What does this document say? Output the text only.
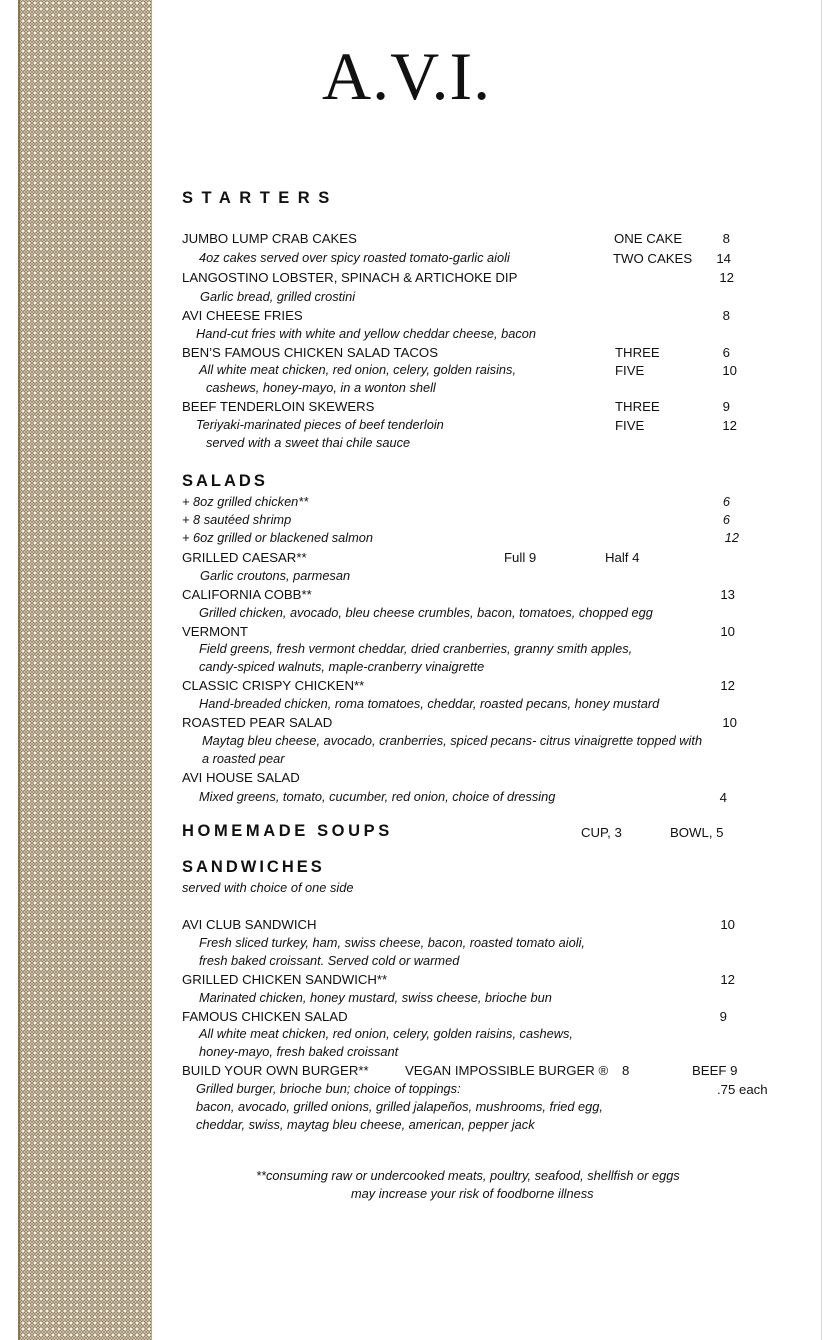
A.V.I.
STARTERS
JUMBO LUMP CRAB CAKES	ONE CAKE	8
4oz cakes served over spicy roasted tomato-garlic aioli	TWO CAKES	14
LANGOSTINO LOBSTER, SPINACH & ARTICHOKE DIP	12
Garlic bread, grilled crostini
AVI CHEESE FRIES	8
Hand-cut fries with white and yellow cheddar cheese, bacon
BEN’S FAMOUS CHICKEN SALAD TACOS	THREE	6
All white meat chicken, red onion, celery, golden raisins,	FIVE	10
cashews, honey-mayo, in a wonton shell
BEEF TENDERLOIN SKEWERS	THREE	9
Teriyaki-marinated pieces of beef tenderloin	FIVE	12
served with a sweet thai chile sauce
SALADS
+ 8oz grilled chicken**	6
+ 8 sautéed shrimp	6
+ 6oz grilled or blackened salmon	12
GRILLED CAESAR**	Full 9	Half 4
Garlic croutons, parmesan
CALIFORNIA COBB**	13
Grilled chicken, avocado, bleu cheese crumbles, bacon, tomatoes, chopped egg
VERMONT	10
Field greens, fresh vermont cheddar, dried cranberries, granny smith apples,
candy-spiced walnuts, maple-cranberry vinaigrette
CLASSIC CRISPY CHICKEN**	12
Hand-breaded chicken, roma tomatoes, cheddar, roasted pecans, honey mustard
ROASTED PEAR SALAD	10
Maytag bleu cheese, avocado, cranberries, spiced pecans- citrus vinaigrette topped with
a roasted pear
AVI HOUSE SALAD
Mixed greens, tomato, cucumber, red onion, choice of dressing	4
HOMEMADE SOUPS	CUP, 3	BOWL, 5
SANDWICHES
served with choice of one side
AVI CLUB SANDWICH	10
Fresh sliced turkey, ham, swiss cheese, bacon, roasted tomato aioli,
fresh baked croissant. Served cold or warmed
GRILLED CHICKEN SANDWICH**	12
Marinated chicken, honey mustard, swiss cheese, brioche bun
FAMOUS CHICKEN SALAD	9
All white meat chicken, red onion, celery, golden raisins, cashews,
honey-mayo, fresh baked croissant
BUILD YOUR OWN BURGER**	VEGAN IMPOSSIBLE BURGER ® 8	BEEF 9
Grilled burger, brioche bun; choice of toppings:	.75 each
bacon, avocado, grilled onions, grilled jalapeños, mushrooms, fried egg,
cheddar, swiss, maytag bleu cheese, american, pepper jack
**consuming raw or undercooked meats, poultry, seafood, shellfish or eggs
may increase your risk of foodborne illness
